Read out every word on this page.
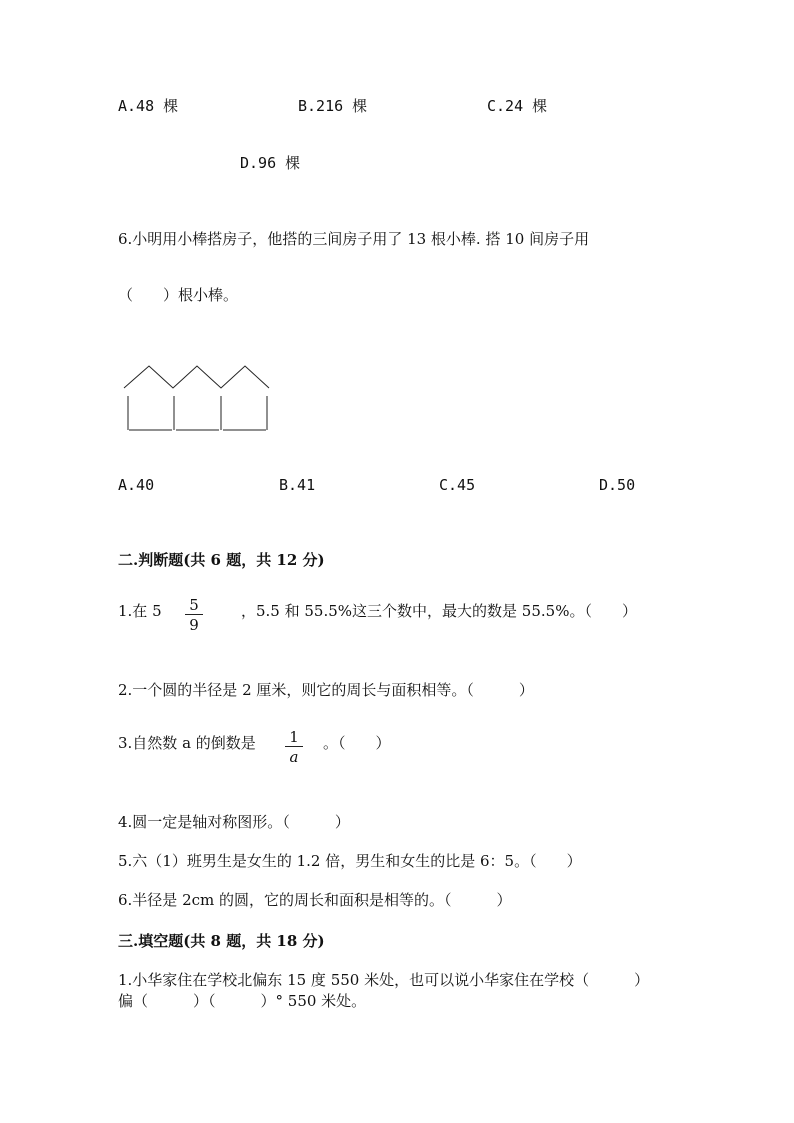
A.48 棵	B.216 棵	C.24 棵
D.96 棵
6.小明用小棒搭房子，他搭的三间房子用了 13 根小棒. 搭 10 间房子用
（　　）根小棒。
A.40	B.41	C.45	D.50
二.判断题(共 6 题，共 12 分)
1.在 5	5
9
，5.5 和 55.5%这三个数中，最大的数是 55.5%。（　　）
2.一个圆的半径是 2 厘米，则它的周长与面积相等。（　　　）
3.自然数 a 的倒数是	1
a
。（　　）
4.圆一定是轴对称图形。（　　　）
5.六（1）班男生是女生的 1.2 倍，男生和女生的比是 6：5。（　　）
6.半径是 2cm 的圆，它的周长和面积是相等的。（　　　）
三.填空题(共 8 题，共 18 分)
1.小华家住在学校北偏东 15 度 550 米处，也可以说小华家住在学校（　　　）
偏（　　　）（　　　）° 550 米处。
